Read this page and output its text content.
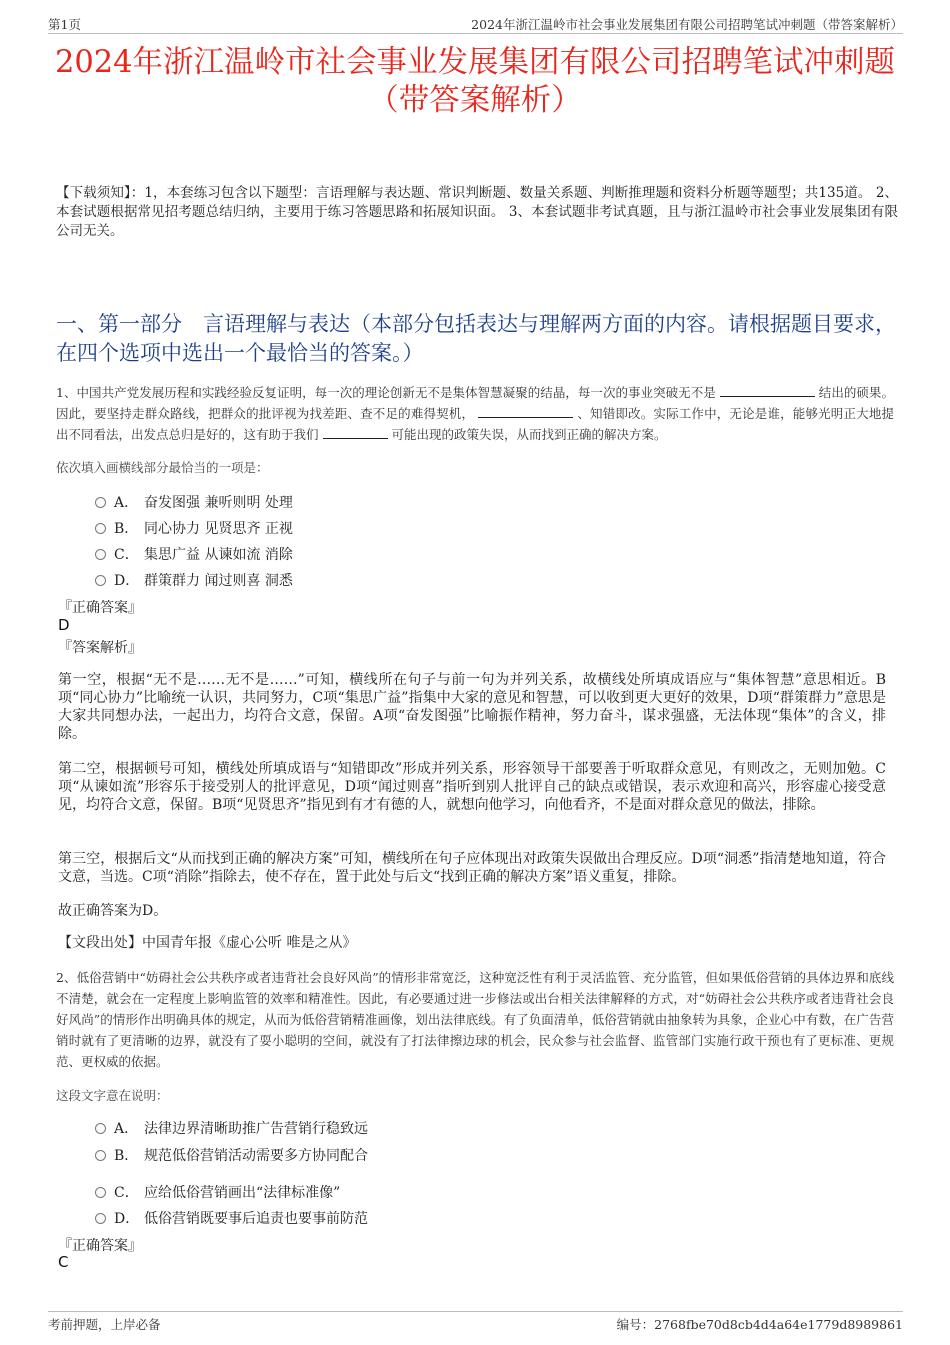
第1页	2024年浙江温岭市社会事业发展集团有限公司招聘笔试冲刺题（带答案解析）
2024年浙江温岭市社会事业发展集团有限公司招聘笔试冲刺题
（带答案解析）
【下载须知】：1，本套练习包含以下题型：言语理解与表达题、常识判断题、数量关系题、判断推理题和资料分析题等题型；共135道。 2、本套试题根据常见招考题总结归纳，主要用于练习答题思路和拓展知识面。 3、本套试题非考试真题，且与浙江温岭市社会事业发展集团有限公司无关。
一、第一部分　言语理解与表达（本部分包括表达与理解两方面的内容。请根据题目要求，在四个选项中选出一个最恰当的答案。）
1、中国共产党发展历程和实践经验反复证明，每一次的理论创新无不是集体智慧凝聚的结晶，每一次的事业突破无不是	结出的硕果。因此，要坚持走群众路线，把群众的批评视为找差距、查不足的难得契机，	、知错即改。实际工作中，无论是谁，能够光明正大地提出不同看法，出发点总归是好的，这有助于我们	可能出现的政策失误，从而找到正确的解决方案。
依次填入画横线部分最恰当的一项是：
A． 奋发图强 兼听则明 处理
B． 同心协力 见贤思齐 正视
C． 集思广益 从谏如流 消除
D． 群策群力 闻过则喜 洞悉
『正确答案』
D
『答案解析』
第一空，根据“无不是……无不是……”可知，横线所在句子与前一句为并列关系，故横线处所填成语应与“集体智慧”意思相近。B项“同心协力”比喻统一认识，共同努力，C项“集思广益”指集中大家的意见和智慧，可以收到更大更好的效果，D项“群策群力”意思是大家共同想办法，一起出力，均符合文意，保留。A项“奋发图强”比喻振作精神，努力奋斗，谋求强盛，无法体现“集体”的含义，排除。
第二空，根据顿号可知，横线处所填成语与“知错即改”形成并列关系，形容领导干部要善于听取群众意见，有则改之，无则加勉。C项“从谏如流”形容乐于接受别人的批评意见，D项“闻过则喜”指听到别人批评自己的缺点或错误，表示欢迎和高兴，形容虚心接受意见，均符合文意，保留。B项“见贤思齐”指见到有才有德的人，就想向他学习，向他看齐，不是面对群众意见的做法，排除。
第三空，根据后文“从而找到正确的解决方案”可知，横线所在句子应体现出对政策失误做出合理反应。D项“洞悉”指清楚地知道，符合文意，当选。C项“消除”指除去，使不存在，置于此处与后文“找到正确的解决方案”语义重复，排除。
故正确答案为D。
【文段出处】中国青年报《虚心公听 唯是之从》
2、低俗营销中“妨碍社会公共秩序或者违背社会良好风尚”的情形非常宽泛，这种宽泛性有利于灵活监管、充分监管，但如果低俗营销的具体边界和底线不清楚，就会在一定程度上影响监管的效率和精准性。因此，有必要通过进一步修法或出台相关法律解释的方式，对“妨碍社会公共秩序或者违背社会良好风尚”的情形作出明确具体的规定，从而为低俗营销精准画像，划出法律底线。有了负面清单，低俗营销就由抽象转为具象，企业心中有数，在广告营销时就有了更清晰的边界，就没有了耍小聪明的空间，就没有了打法律擦边球的机会，民众参与社会监督、监管部门实施行政干预也有了更标准、更规范、更权威的依据。
这段文字意在说明：
A． 法律边界清晰助推广告营销行稳致远
B． 规范低俗营销活动需要多方协同配合
C． 应给低俗营销画出“法律标准像”
D． 低俗营销既要事后追责也要事前防范
『正确答案』
C
考前押题，上岸必备	编号：2768fbe70d8cb4d4a64e1779d8989861
